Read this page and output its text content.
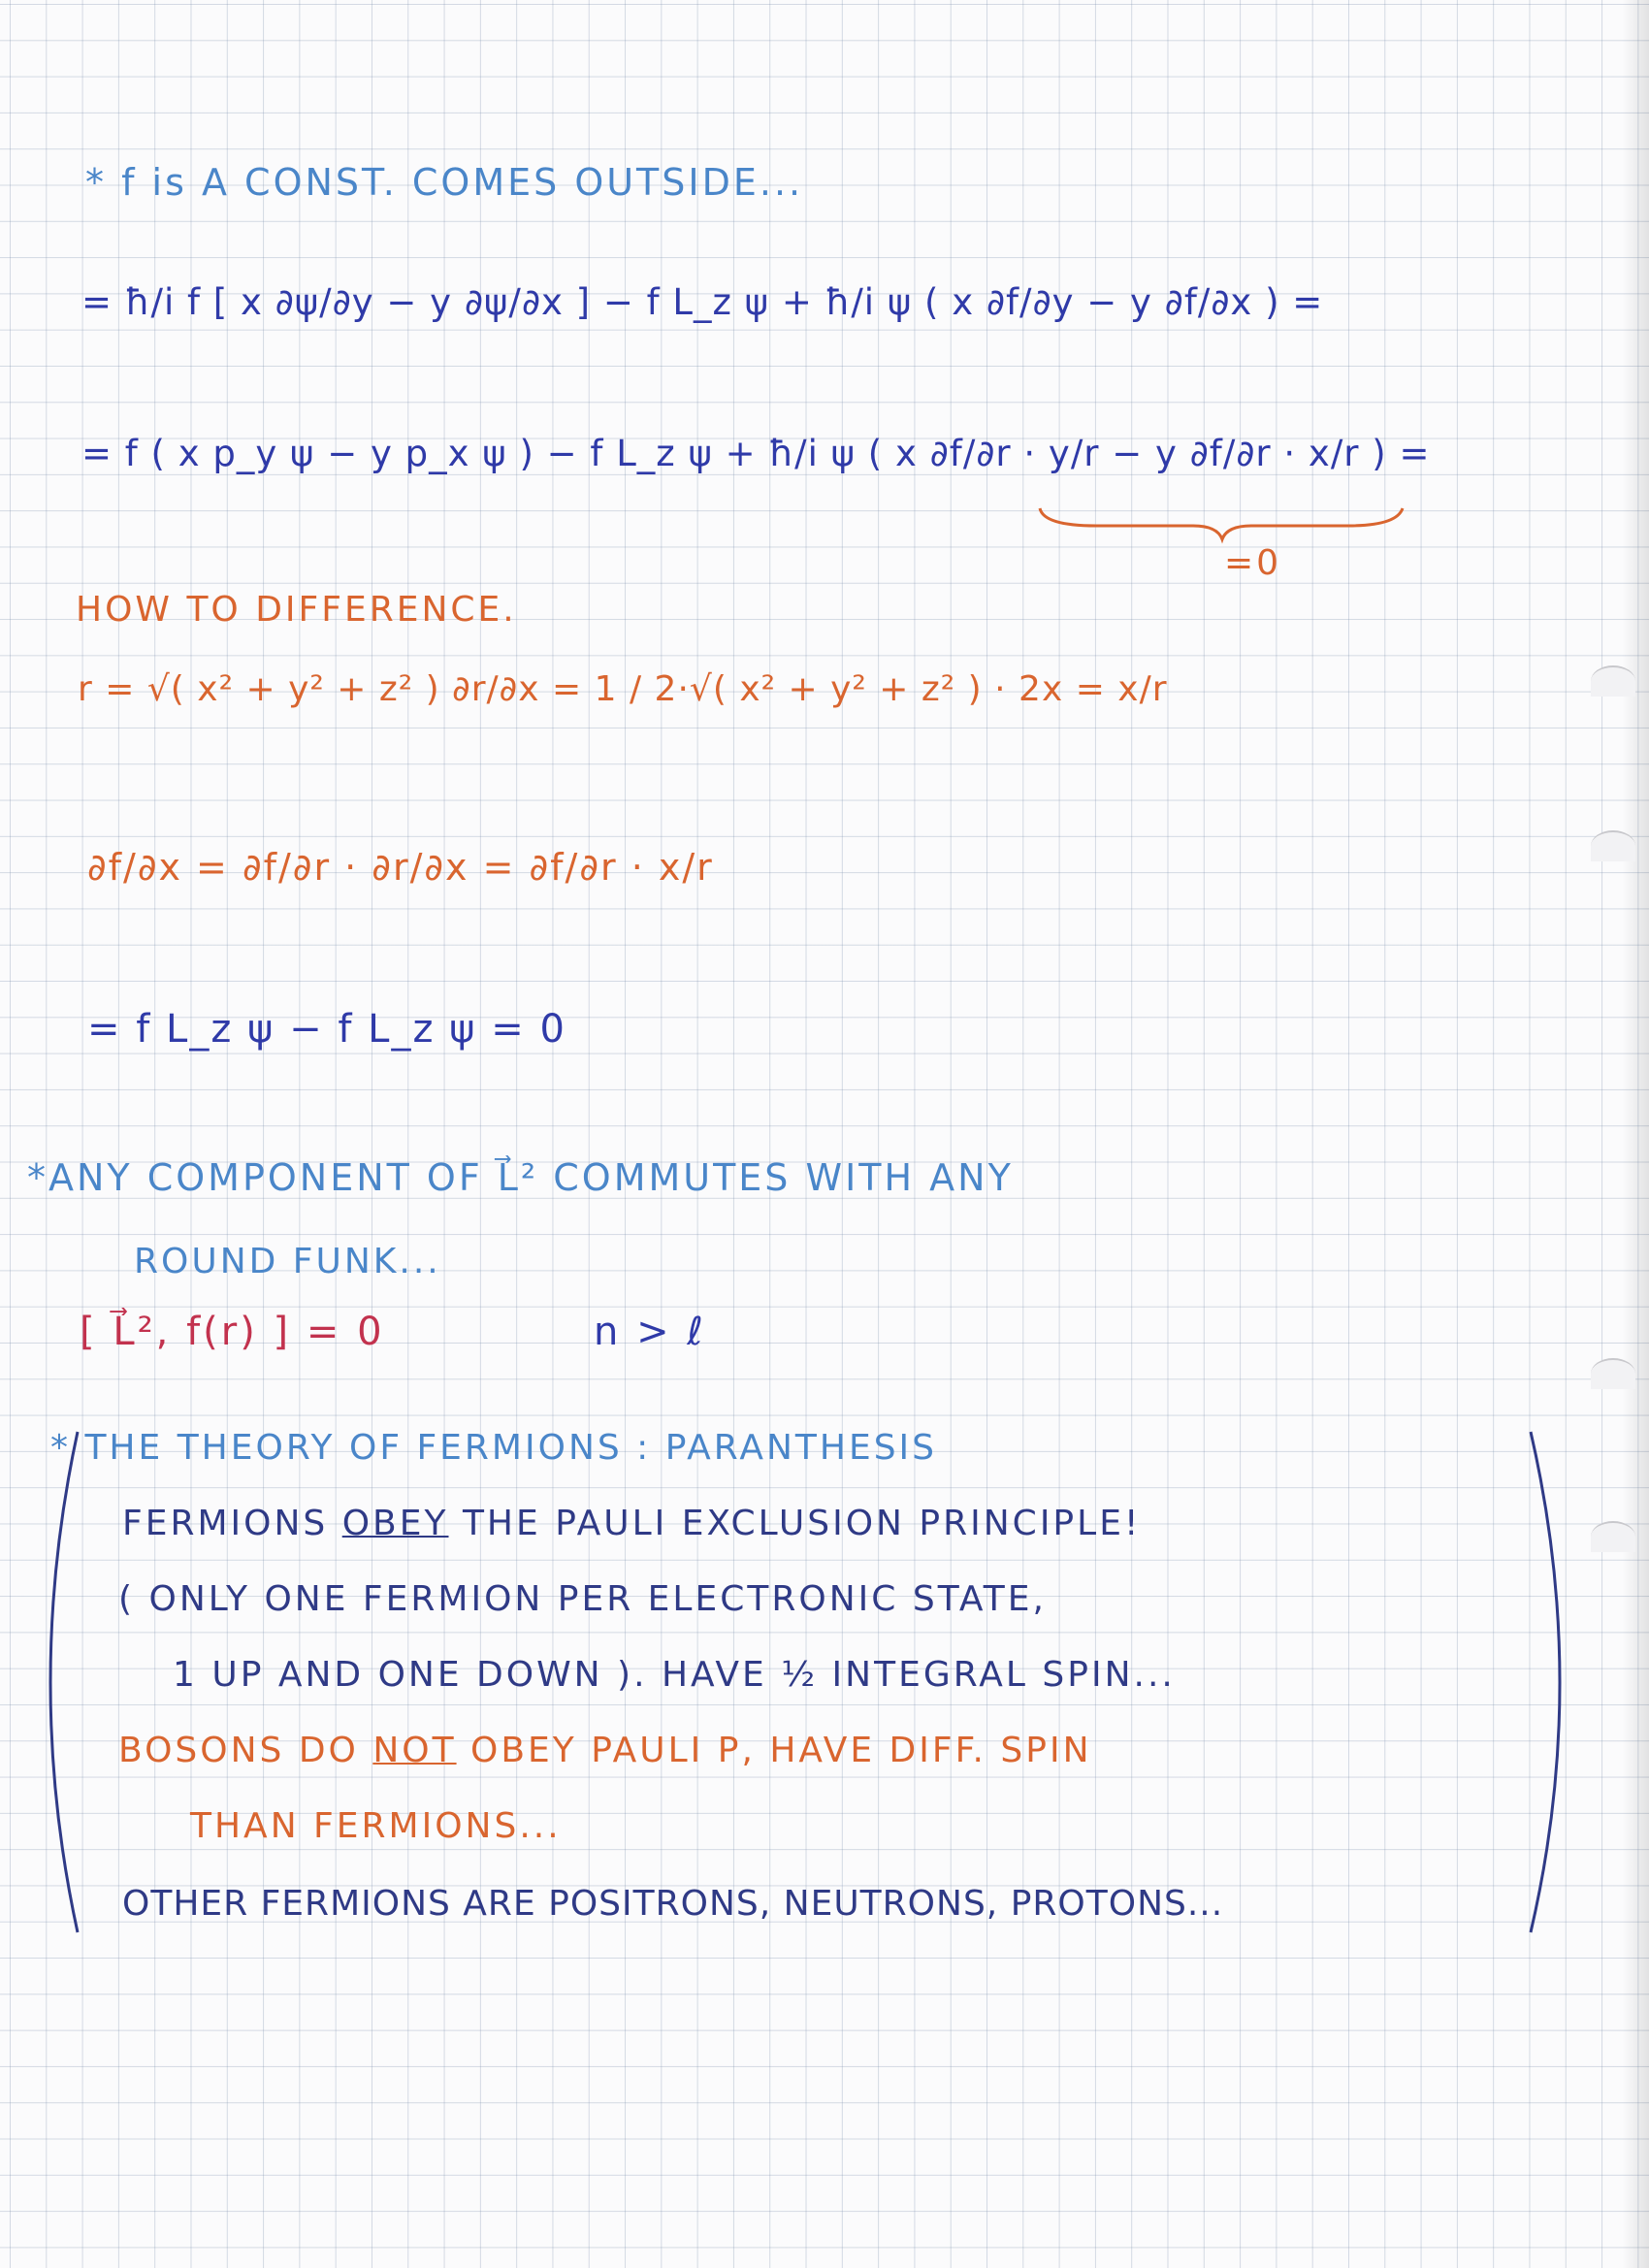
* f is A CONST. COMES OUTSIDE...

= ħ/i f [ x ∂ψ/∂y − y ∂ψ/∂x ] − f L_z ψ + ħ/i ψ ( x ∂f/∂y − y ∂f/∂x ) =

= f ( x p_y ψ − y p_x ψ ) − f L_z ψ + ħ/i ψ ( x ∂f/∂r · y/r − y ∂f/∂r · x/r ) =

=0

HOW TO DIFFERENCE.

r = √( x² + y² + z² ) ∂r/∂x = 1 / 2·√( x² + y² + z² ) · 2x = x/r

∂f/∂x = ∂f/∂r · ∂r/∂x = ∂f/∂r · x/r

= f L_z ψ − f L_z ψ = 0

*ANY COMPONENT OF L⃗² COMMUTES WITH ANY

ROUND FUNK...

[ L⃗², f(r) ] = 0	n > ℓ

* THE THEORY OF FERMIONS : PARANTHESIS

FERMIONS OBEY THE PAULI EXCLUSION PRINCIPLE!

( ONLY ONE FERMION PER ELECTRONIC STATE,

1 UP AND ONE DOWN ). HAVE ½ INTEGRAL SPIN...

BOSONS DO NOT OBEY PAULI P, HAVE DIFF. SPIN

THAN FERMIONS...

OTHER FERMIONS ARE POSITRONS, NEUTRONS, PROTONS...
